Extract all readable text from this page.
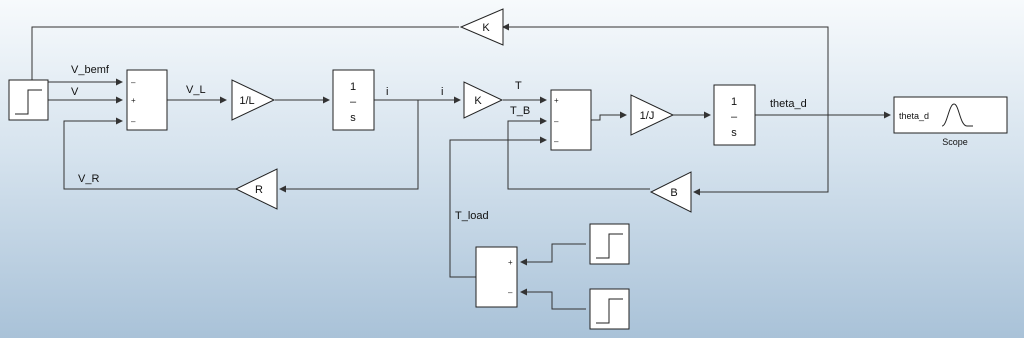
V_bemf
V	V_L	i	i	T
T_B
theta_d
V_R
T_load
–
+
–
1/L
1
–
s
K
K	+
–
–
1/J
1
–
s
R	B
+
–
theta_d
Scope
